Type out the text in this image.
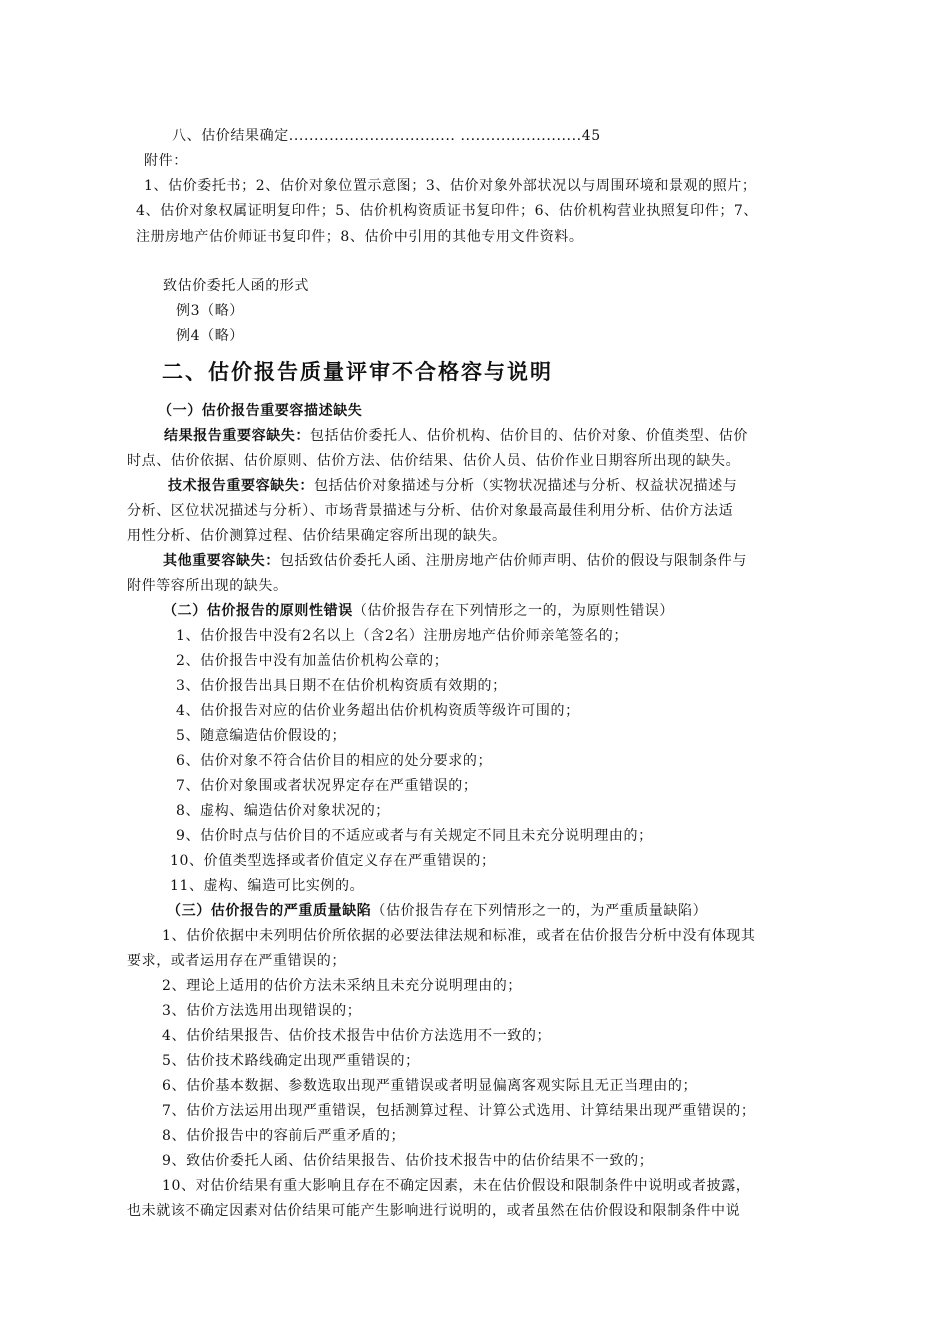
八、估价结果确定................................. ........................45
附件：
1、估价委托书；2、估价对象位置示意图；3、估价对象外部状况以与周围环境和景观的照片；
4、估价对象权属证明复印件；5、估价机构资质证书复印件；6、估价机构营业执照复印件；7、
注册房地产估价师证书复印件；8、估价中引用的其他专用文件资料。
致估价委托人函的形式
例3（略）
例4（略）
二、估价报告质量评审不合格容与说明
（一）估价报告重要容描述缺失
结果报告重要容缺失：包括估价委托人、估价机构、估价目的、估价对象、价值类型、估价
时点、估价依据、估价原则、估价方法、估价结果、估价人员、估价作业日期容所出现的缺失。
技术报告重要容缺失：包括估价对象描述与分析（实物状况描述与分析、权益状况描述与
分析、区位状况描述与分析）、市场背景描述与分析、估价对象最高最佳利用分析、估价方法适
用性分析、估价测算过程、估价结果确定容所出现的缺失。
其他重要容缺失：包括致估价委托人函、注册房地产估价师声明、估价的假设与限制条件与
附件等容所出现的缺失。
（二）估价报告的原则性错误（估价报告存在下列情形之一的，为原则性错误）
1、估价报告中没有2名以上（含2名）注册房地产估价师亲笔签名的；
2、估价报告中没有加盖估价机构公章的；
3、估价报告出具日期不在估价机构资质有效期的；
4、估价报告对应的估价业务超出估价机构资质等级许可围的；
5、随意编造估价假设的；
6、估价对象不符合估价目的相应的处分要求的；
7、估价对象围或者状况界定存在严重错误的；
8、虚构、编造估价对象状况的；
9、估价时点与估价目的不适应或者与有关规定不同且未充分说明理由的；
10、价值类型选择或者价值定义存在严重错误的；
11、虚构、编造可比实例的。
（三）估价报告的严重质量缺陷（估价报告存在下列情形之一的，为严重质量缺陷）
1、估价依据中未列明估价所依据的必要法律法规和标准，或者在估价报告分析中没有体现其
要求，或者运用存在严重错误的；
2、理论上适用的估价方法未采纳且未充分说明理由的；
3、估价方法选用出现错误的；
4、估价结果报告、估价技术报告中估价方法选用不一致的；
5、估价技术路线确定出现严重错误的；
6、估价基本数据、参数选取出现严重错误或者明显偏离客观实际且无正当理由的；
7、估价方法运用出现严重错误，包括测算过程、计算公式选用、计算结果出现严重错误的；
8、估价报告中的容前后严重矛盾的；
9、致估价委托人函、估价结果报告、估价技术报告中的估价结果不一致的；
10、对估价结果有重大影响且存在不确定因素，未在估价假设和限制条件中说明或者披露，
也未就该不确定因素对估价结果可能产生影响进行说明的，或者虽然在估价假设和限制条件中说
